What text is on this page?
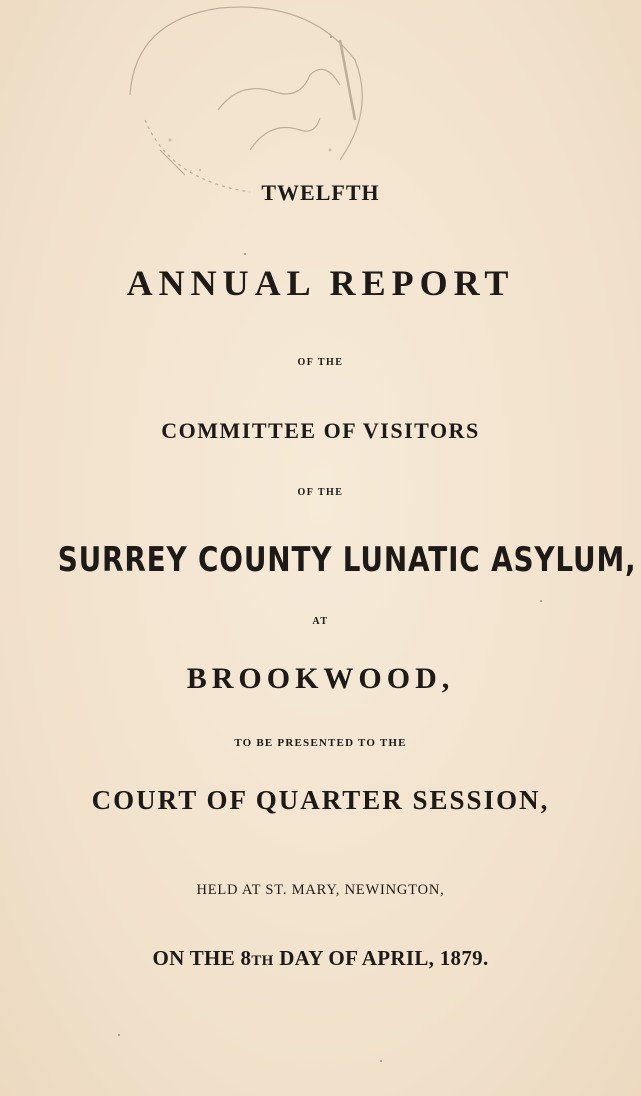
TWELFTH
ANNUAL REPORT
OF THE
COMMITTEE OF VISITORS
OF THE
SURREY COUNTY LUNATIC ASYLUM,
AT
BROOKWOOD,
TO BE PRESENTED TO THE
COURT OF QUARTER SESSION,
HELD AT ST. MARY, NEWINGTON,
ON THE 8TH DAY OF APRIL, 1879.
